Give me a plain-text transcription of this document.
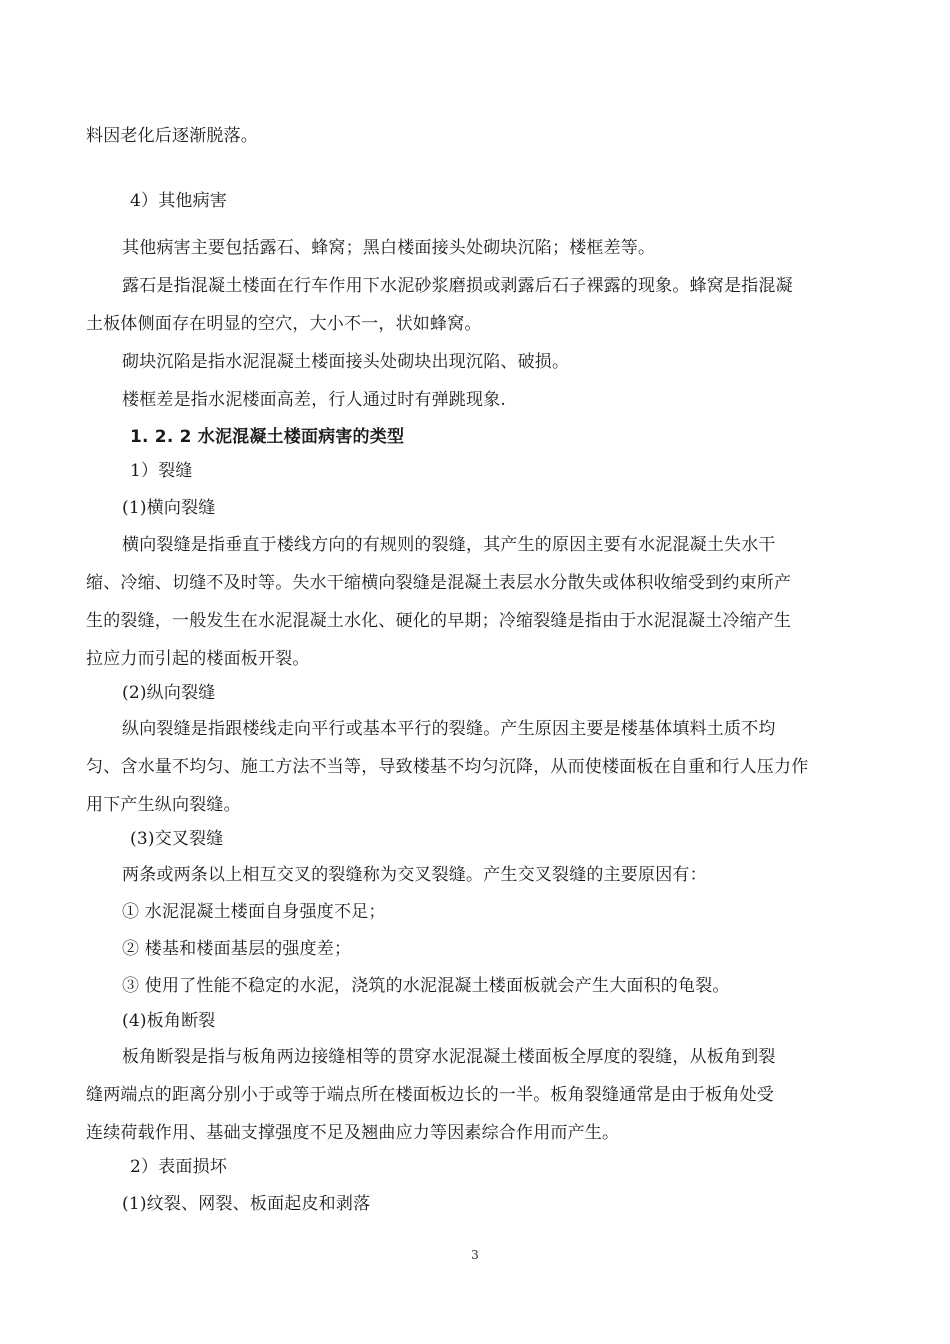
料因老化后逐渐脱落。
4）其他病害
其他病害主要包括露石、蜂窝；黑白楼面接头处砌块沉陷；楼框差等。
露石是指混凝土楼面在行车作用下水泥砂浆磨损或剥露后石子裸露的现象。蜂窝是指混凝
土板体侧面存在明显的空穴，大小不一，状如蜂窝。
砌块沉陷是指水泥混凝土楼面接头处砌块出现沉陷、破损。
楼框差是指水泥楼面高差，行人通过时有弹跳现象.
1. 2. 2 水泥混凝土楼面病害的类型
1）裂缝
(1)横向裂缝
横向裂缝是指垂直于楼线方向的有规则的裂缝，其产生的原因主要有水泥混凝土失水干
缩、冷缩、切缝不及时等。失水干缩横向裂缝是混凝土表层水分散失或体积收缩受到约束所产
生的裂缝，一般发生在水泥混凝土水化、硬化的早期；冷缩裂缝是指由于水泥混凝土冷缩产生
拉应力而引起的楼面板开裂。
(2)纵向裂缝
纵向裂缝是指跟楼线走向平行或基本平行的裂缝。产生原因主要是楼基体填料土质不均
匀、含水量不均匀、施工方法不当等，导致楼基不均匀沉降，从而使楼面板在自重和行人压力作
用下产生纵向裂缝。
(3)交叉裂缝
两条或两条以上相互交叉的裂缝称为交叉裂缝。产生交叉裂缝的主要原因有：
① 水泥混凝土楼面自身强度不足；
② 楼基和楼面基层的强度差；
③ 使用了性能不稳定的水泥，浇筑的水泥混凝土楼面板就会产生大面积的龟裂。
(4)板角断裂
板角断裂是指与板角两边接缝相等的贯穿水泥混凝土楼面板全厚度的裂缝，从板角到裂
缝两端点的距离分别小于或等于端点所在楼面板边长的一半。板角裂缝通常是由于板角处受
连续荷载作用、基础支撑强度不足及翘曲应力等因素综合作用而产生。
2）表面损坏
(1)纹裂、网裂、板面起皮和剥落
3
